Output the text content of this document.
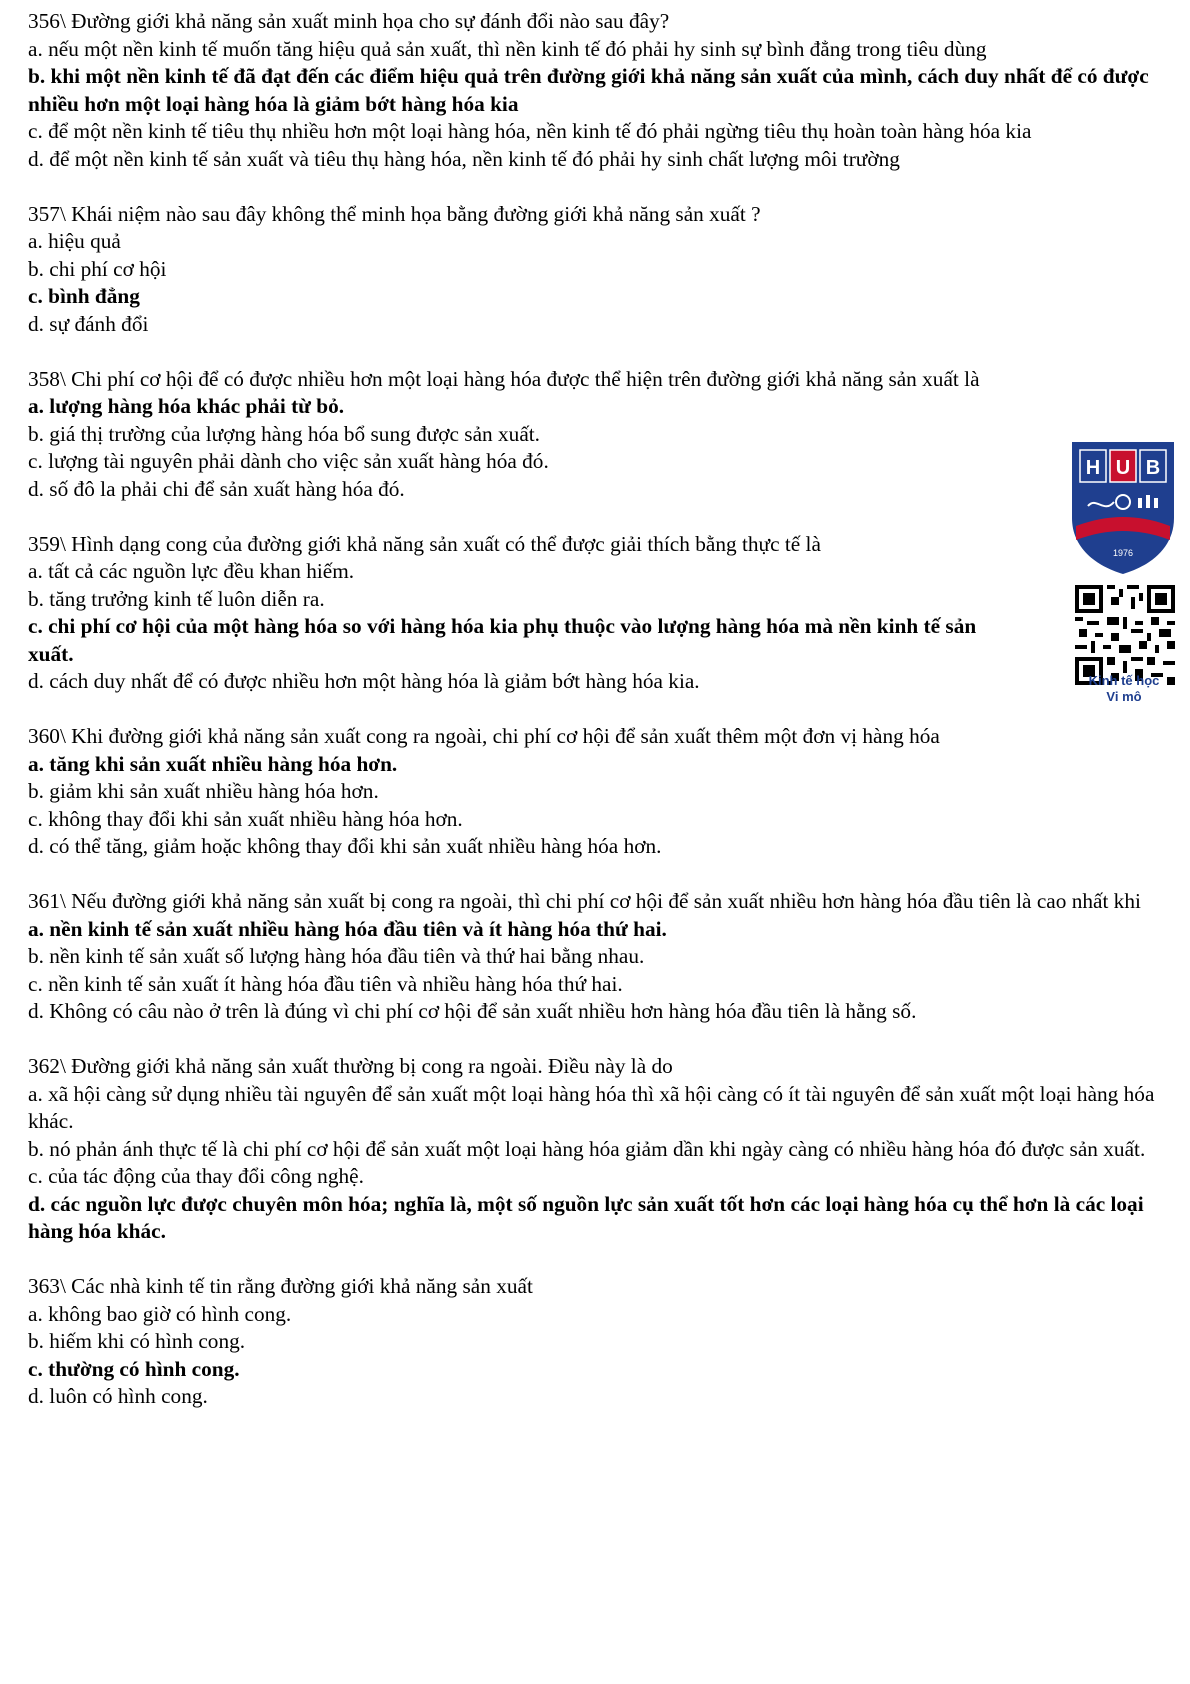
356\ Đường giới khả năng sản xuất minh họa cho sự đánh đổi nào sau đây?

a. nếu một nền kinh tế muốn tăng hiệu quả sản xuất, thì nền kinh tế đó phải hy sinh sự bình đẳng trong tiêu dùng

b. khi một nền kinh tế đã đạt đến các điểm hiệu quả trên đường giới khả năng sản xuất của mình, cách duy nhất để có được nhiều hơn một loại hàng hóa là giảm bớt hàng hóa kia

c. để một nền kinh tế tiêu thụ nhiều hơn một loại hàng hóa, nền kinh tế đó phải ngừng tiêu thụ hoàn toàn hàng hóa kia

d. để một nền kinh tế sản xuất và tiêu thụ hàng hóa, nền kinh tế đó phải hy sinh chất lượng môi trường

357\ Khái niệm nào sau đây không thể minh họa bằng đường giới khả năng sản xuất ?

a. hiệu quả

b. chi phí cơ hội

c. bình đẳng

d. sự đánh đổi

358\ Chi phí cơ hội để có được nhiều hơn một loại hàng hóa được thể hiện trên đường giới khả năng sản xuất là

a. lượng hàng hóa khác phải từ bỏ.

b. giá thị trường của lượng hàng hóa bổ sung được sản xuất.

c. lượng tài nguyên phải dành cho việc sản xuất hàng hóa đó.

d. số đô la phải chi để sản xuất hàng hóa đó.

359\ Hình dạng cong của đường giới khả năng sản xuất có thể được giải thích bằng thực tế là

a. tất cả các nguồn lực đều khan hiếm.

b. tăng trưởng kinh tế luôn diễn ra.

c. chi phí cơ hội của một hàng hóa so với hàng hóa kia phụ thuộc vào lượng hàng hóa mà nền kinh tế sản xuất.

d. cách duy nhất để có được nhiều hơn một hàng hóa là giảm bớt hàng hóa kia.

360\ Khi đường giới khả năng sản xuất cong ra ngoài, chi phí cơ hội để sản xuất thêm một đơn vị hàng hóa

a. tăng khi sản xuất nhiều hàng hóa hơn.

b. giảm khi sản xuất nhiều hàng hóa hơn.

c. không thay đổi khi sản xuất nhiều hàng hóa hơn.

d. có thể tăng, giảm hoặc không thay đổi khi sản xuất nhiều hàng hóa hơn.

361\ Nếu đường giới khả năng sản xuất bị cong ra ngoài, thì chi phí cơ hội để sản xuất nhiều hơn hàng hóa đầu tiên là cao nhất khi

a. nền kinh tế sản xuất nhiều hàng hóa đầu tiên và ít hàng hóa thứ hai.

b. nền kinh tế sản xuất số lượng hàng hóa đầu tiên và thứ hai bằng nhau.

c. nền kinh tế sản xuất ít hàng hóa đầu tiên và nhiều hàng hóa thứ hai.

d. Không có câu nào ở trên là đúng vì chi phí cơ hội để sản xuất nhiều hơn hàng hóa đầu tiên là hằng số.

362\ Đường giới khả năng sản xuất thường bị cong ra ngoài. Điều này là do

a. xã hội càng sử dụng nhiều tài nguyên để sản xuất một loại hàng hóa thì xã hội càng có ít tài nguyên để sản xuất một loại hàng hóa khác.

b. nó phản ánh thực tế là chi phí cơ hội để sản xuất một loại hàng hóa giảm dần khi ngày càng có nhiều hàng hóa đó được sản xuất.

c. của tác động của thay đổi công nghệ.

d. các nguồn lực được chuyên môn hóa; nghĩa là, một số nguồn lực sản xuất tốt hơn các loại hàng hóa cụ thể hơn là các loại hàng hóa khác.

363\ Các nhà kinh tế tin rằng đường giới khả năng sản xuất

a. không bao giờ có hình cong.

b. hiếm khi có hình cong.

c. thường có hình cong.

d. luôn có hình cong.

H U B
1976
Kinh tế học
Vi mô
